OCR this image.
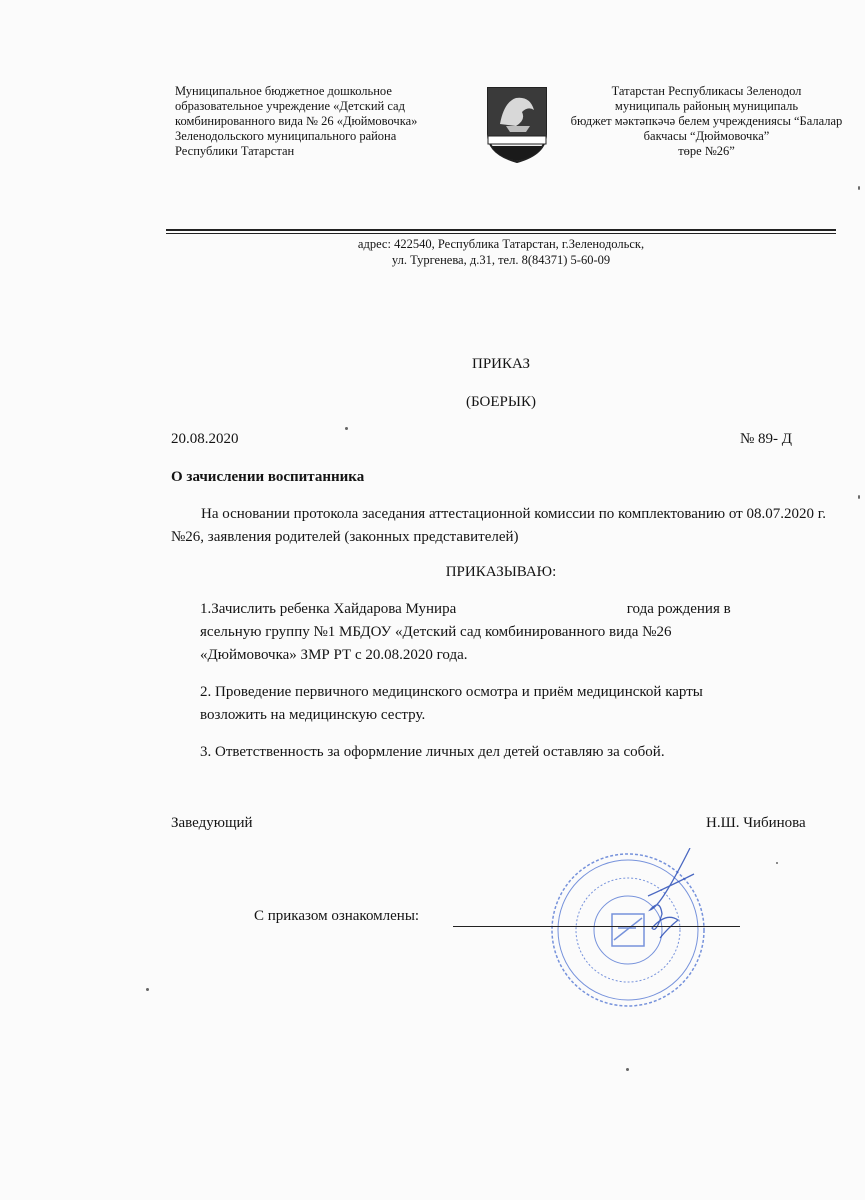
Муниципальное бюджетное дошкольное
образовательное учреждение «Детский сад
комбинированного вида № 26 «Дюймовочка»
Зеленодольского муниципального района
Республики Татарстан
Татарстан Республикасы Зеленодол
муниципаль районың муниципаль
бюджет мәктәпкәчә белем учреждениясы “Балалар
бакчасы “Дюймовочка”
төре №26”
адрес: 422540, Республика Татарстан, г.Зеленодольск,
ул. Тургенева, д.31, тел. 8(84371) 5-60-09
ПРИКАЗ
(БОЕРЫК)
20.08.2020	№ 89- Д
О зачислении воспитанника
На основании протокола заседания аттестационной комиссии по комплектованию от 08.07.2020 г. №26, заявления родителей (законных представителей)
ПРИКАЗЫВАЮ:
1.Зачислить ребенка Хайдарова Мунира	года рождения в
ясельную группу №1 МБДОУ «Детский сад комбинированного вида №26
«Дюймовочка» ЗМР РТ с 20.08.2020 года.
2. Проведение первичного медицинского осмотра и приём медицинской карты
возложить на медицинскую сестру.
3. Ответственность за оформление личных дел детей оставляю за собой.
Заведующий	Н.Ш. Чибинова
С приказом ознакомлены:
